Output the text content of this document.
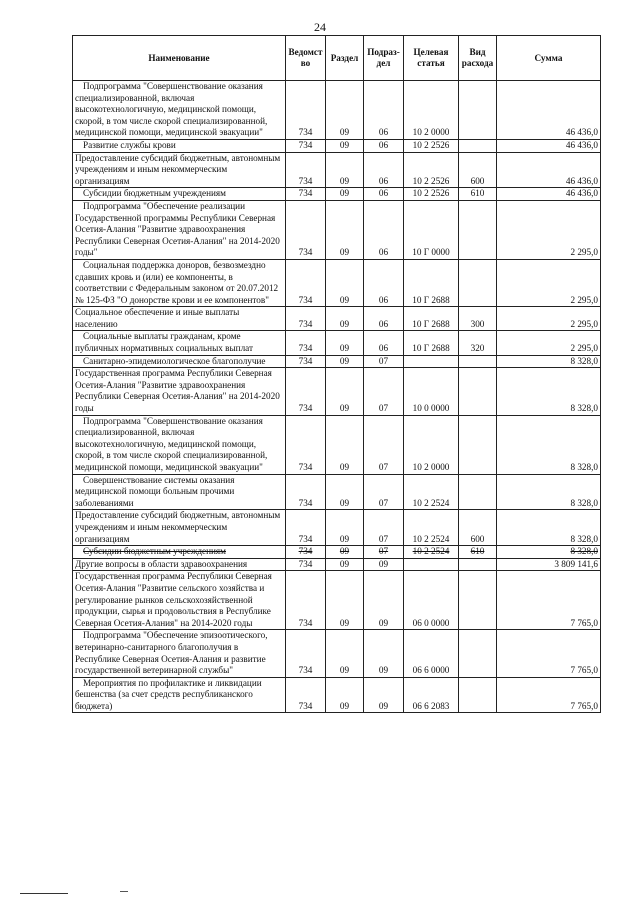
24
Наименование	Ведомст во	Раздел	Подраз- дел	Целевая статья	Вид расхода	Сумма
Подпрограмма "Совершенствование оказания специализированной, включая высокотехнологичную, медицинской помощи, скорой, в том числе скорой специализированной, медицинской помощи, медицинской эвакуации"	734	09	06	10 2 0000		46 436,0
Развитие службы крови	734	09	06	10 2 2526		46 436,0
Предоставление субсидий бюджетным, автономным учреждениям и иным некоммерческим организациям	734	09	06	10 2 2526	600	46 436,0
Субсидии бюджетным учреждениям	734	09	06	10 2 2526	610	46 436,0
Подпрограмма "Обеспечение реализации Государственной программы Республики Северная Осетия-Алания "Развитие здравоохранения Республики Северная Осетия-Алания" на 2014-2020 годы"	734	09	06	10 Г 0000		2 295,0
Социальная поддержка доноров, безвозмездно сдавших кровь и (или) ее компоненты, в соответствии с Федеральным законом от 20.07.2012 № 125-ФЗ "О донорстве крови и ее компонентов"	734	09	06	10 Г 2688		2 295,0
Социальное обеспечение и иные выплаты населению	734	09	06	10 Г 2688	300	2 295,0
Социальные выплаты гражданам, кроме публичных нормативных социальных выплат	734	09	06	10 Г 2688	320	2 295,0
Санитарно-эпидемиологическое благополучие	734	09	07			8 328,0
Государственная программа Республики Северная Осетия-Алания "Развитие здравоохранения Республики Северная Осетия-Алания" на 2014-2020 годы	734	09	07	10 0 0000		8 328,0
Подпрограмма "Совершенствование оказания специализированной, включая высокотехнологичную, медицинской помощи, скорой, в том числе скорой специализированной, медицинской помощи, медицинской эвакуации"	734	09	07	10 2 0000		8 328,0
Совершенствование системы оказания медицинской помощи больным прочими заболеваниями	734	09	07	10 2 2524		8 328,0
Предоставление субсидий бюджетным, автономным учреждениям и иным некоммерческим организациям	734	09	07	10 2 2524	600	8 328,0
Субсидии бюджетным учреждениям	734	09	07	10 2 2524	610	8 328,0
Другие вопросы в области здравоохранения	734	09	09			3 809 141,6
Государственная программа Республики Северная Осетия-Алания "Развитие сельского хозяйства и регулирование рынков сельскохозяйственной продукции, сырья и продовольствия в Республике Северная Осетия-Алания" на 2014-2020 годы	734	09	09	06 0 0000		7 765,0
Подпрограмма "Обеспечение эпизоотического, ветеринарно-санитарного благополучия в Республике Северная Осетия-Алания и развитие государственной ветеринарной службы"	734	09	09	06 6 0000		7 765,0
Мероприятия по профилактике и ликвидации бешенства (за счет средств республиканского бюджета)	734	09	09	06 6 2083		7 765,0
